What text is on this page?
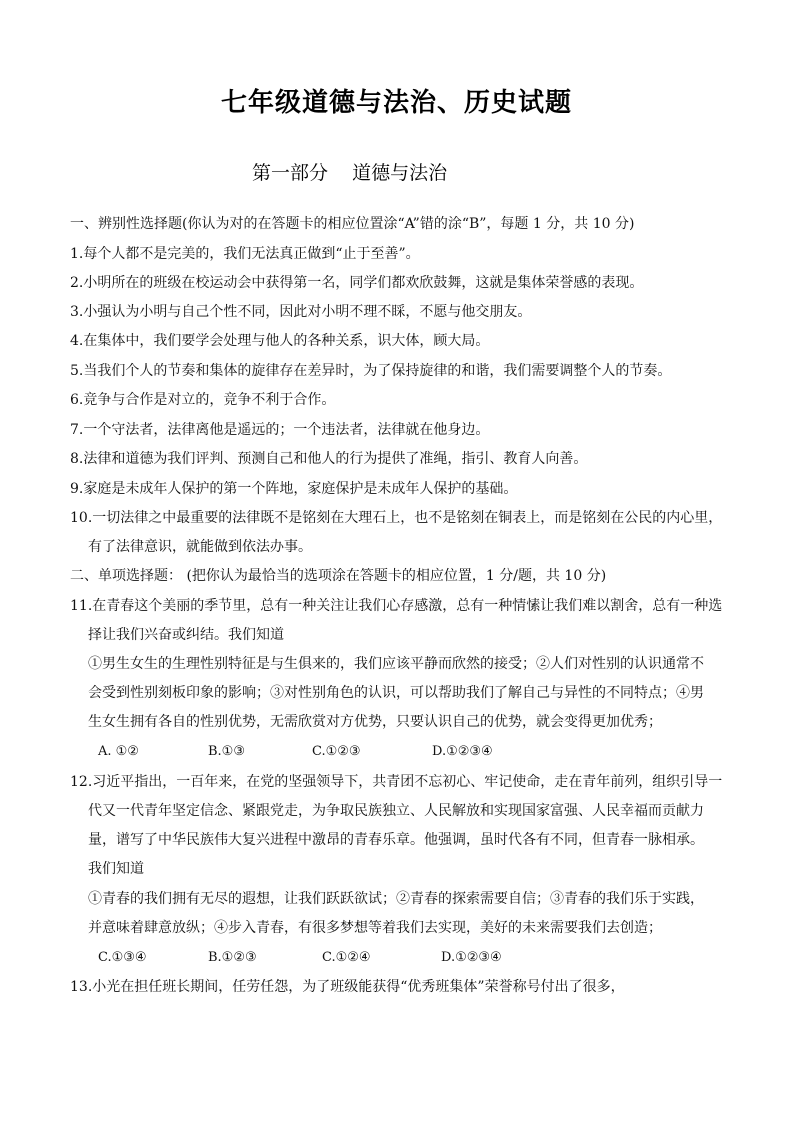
七年级道德与法治、历史试题
第一部分    道德与法治
一、辨别性选择题(你认为对的在答题卡的相应位置涂“A”错的涂“B”，每题 1 分，共 10 分)
1.每个人都不是完美的，我们无法真正做到“止于至善”。
2.小明所在的班级在校运动会中获得第一名，同学们都欢欣鼓舞，这就是集体荣誉感的表现。
3.小强认为小明与自己个性不同，因此对小明不理不睬，不愿与他交朋友。
4.在集体中，我们要学会处理与他人的各种关系，识大体，顾大局。
5.当我们个人的节奏和集体的旋律存在差异时，为了保持旋律的和谐，我们需要调整个人的节奏。
6.竞争与合作是对立的，竞争不利于合作。
7.一个守法者，法律离他是遥远的；一个违法者，法律就在他身边。
8.法律和道德为我们评判、预测自己和他人的行为提供了准绳，指引、教育人向善。
9.家庭是未成年人保护的第一个阵地，家庭保护是未成年人保护的基础。
10.一切法律之中最重要的法律既不是铭刻在大理石上，也不是铭刻在铜表上，而是铭刻在公民的内心里，
有了法律意识，就能做到依法办事。
二、单项选择题： (把你认为最恰当的选项涂在答题卡的相应位置，1 分/题，共 10 分)
11.在青春这个美丽的季节里，总有一种关注让我们心存感激，总有一种情愫让我们难以割舍，总有一种选
择让我们兴奋或纠结。我们知道
①男生女生的生理性别特征是与生俱来的，我们应该平静而欣然的接受；②人们对性别的认识通常不
会受到性别刻板印象的影响；③对性别角色的认识，可以帮助我们了解自己与异性的不同特点；④男
生女生拥有各自的性别优势，无需欣赏对方优势，只要认识自己的优势，就会变得更加优秀；
A. ①②	B.①③	C.①②③	D.①②③④
12.习近平指出，一百年来，在党的坚强领导下，共青团不忘初心、牢记使命，走在青年前列，组织引导一
代又一代青年坚定信念、紧跟党走，为争取民族独立、人民解放和实现国家富强、人民幸福而贡献力
量，谱写了中华民族伟大复兴进程中激昂的青春乐章。他强调，虽时代各有不同，但青春一脉相承。
我们知道
①青春的我们拥有无尽的遐想，让我们跃跃欲试；②青春的探索需要自信；③青春的我们乐于实践，
并意味着肆意放纵；④步入青春，有很多梦想等着我们去实现，美好的未来需要我们去创造；
C.①③④	B.①②③	C.①②④	D.①②③④
13.小光在担任班长期间，任劳任怨，为了班级能获得“优秀班集体”荣誉称号付出了很多，
